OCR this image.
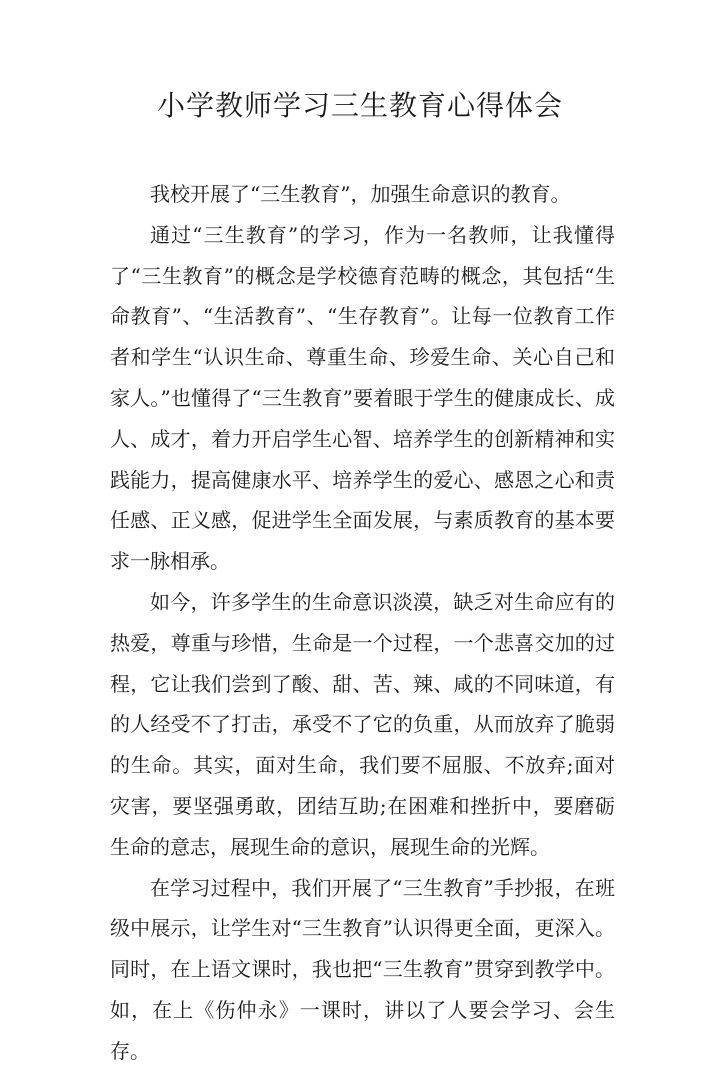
小学教师学习三生教育心得体会

我校开展了“三生教育”，加强生命意识的教育。

通过“三生教育”的学习，作为一名教师，让我懂得了“三生教育”的概念是学校德育范畴的概念，其包括“生命教育”、“生活教育”、“生存教育”。让每一位教育工作者和学生“认识生命、尊重生命、珍爱生命、关心自己和家人。”也懂得了“三生教育”要着眼于学生的健康成长、成人、成才，着力开启学生心智、培养学生的创新精神和实践能力，提高健康水平、培养学生的爱心、感恩之心和责任感、正义感，促进学生全面发展，与素质教育的基本要求一脉相承。

如今，许多学生的生命意识淡漠，缺乏对生命应有的热爱，尊重与珍惜，生命是一个过程，一个悲喜交加的过程，它让我们尝到了酸、甜、苦、辣、咸的不同味道，有的人经受不了打击，承受不了它的负重，从而放弃了脆弱的生命。其实，面对生命，我们要不屈服、不放弃;面对灾害，要坚强勇敢，团结互助;在困难和挫折中，要磨砺生命的意志，展现生命的意识，展现生命的光辉。

在学习过程中，我们开展了“三生教育”手抄报，在班级中展示，让学生对“三生教育”认识得更全面，更深入。同时，在上语文课时，我也把“三生教育”贯穿到教学中。如，在上《伤仲永》一课时，讲以了人要会学习、会生存。
